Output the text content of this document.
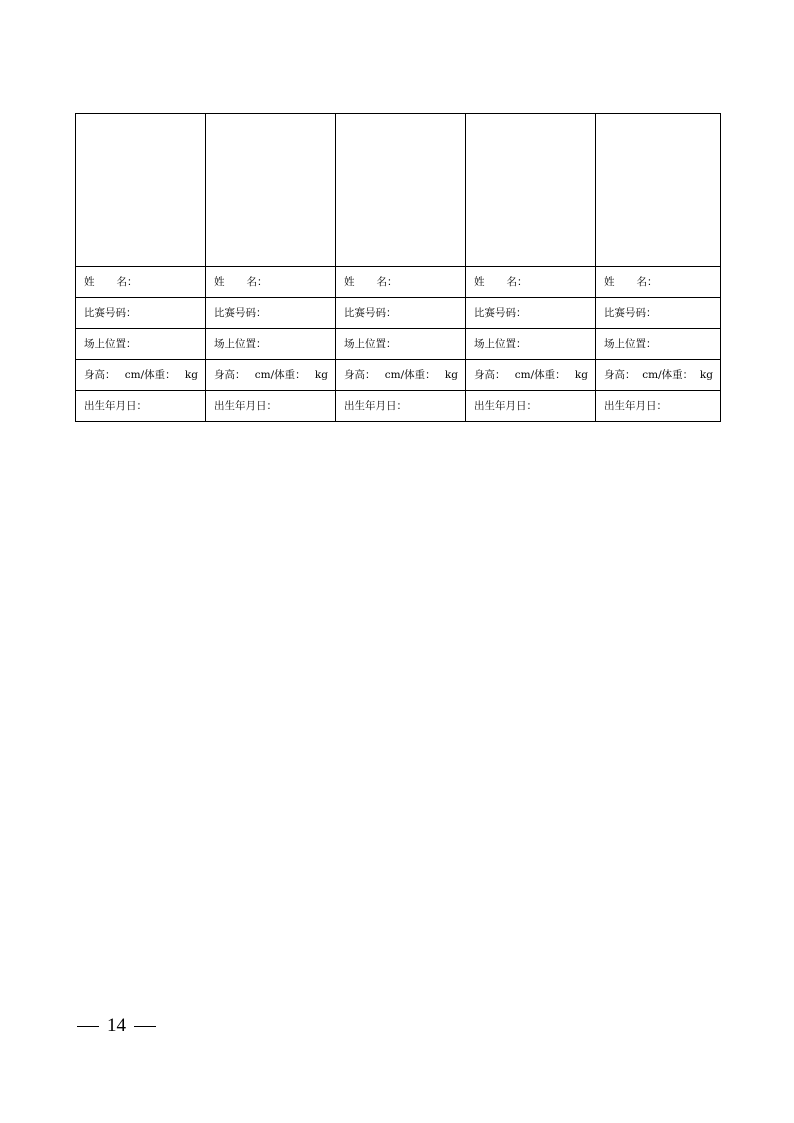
姓 名：	姓 名：	姓 名：	姓 名：	姓 名：

比赛号码：	比赛号码：	比赛号码：	比赛号码：	比赛号码：

场上位置：	场上位置：	场上位置：	场上位置：	场上位置：

身高： cm/体重： kg	身高： cm/体重： kg	身高： cm/体重： kg	身高： cm/体重： kg	身高： cm/体重： kg

出生年月日：	出生年月日：	出生年月日：	出生年月日：	出生年月日：
14
